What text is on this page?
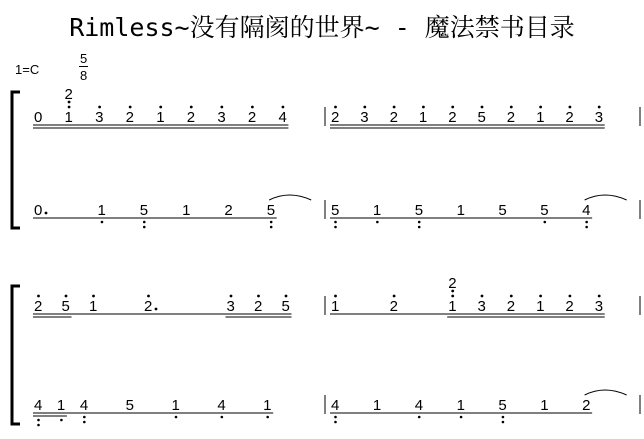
Rimless~没有隔阂的世界~ - 魔法禁书目录
1=C	$\frac{5}{8}$
0 1
2
3 2 1 2 3 2 4	2 3 2 1 2 5 2 1 2 3
0	1 5 1 2 5	5 1 5 1 5 5 4
2 5 1	2	3 2 5	1	2	1
2
3 2 1 2 3
4 1 4 5 1 4 1	4 1 4 1 5 1 2
